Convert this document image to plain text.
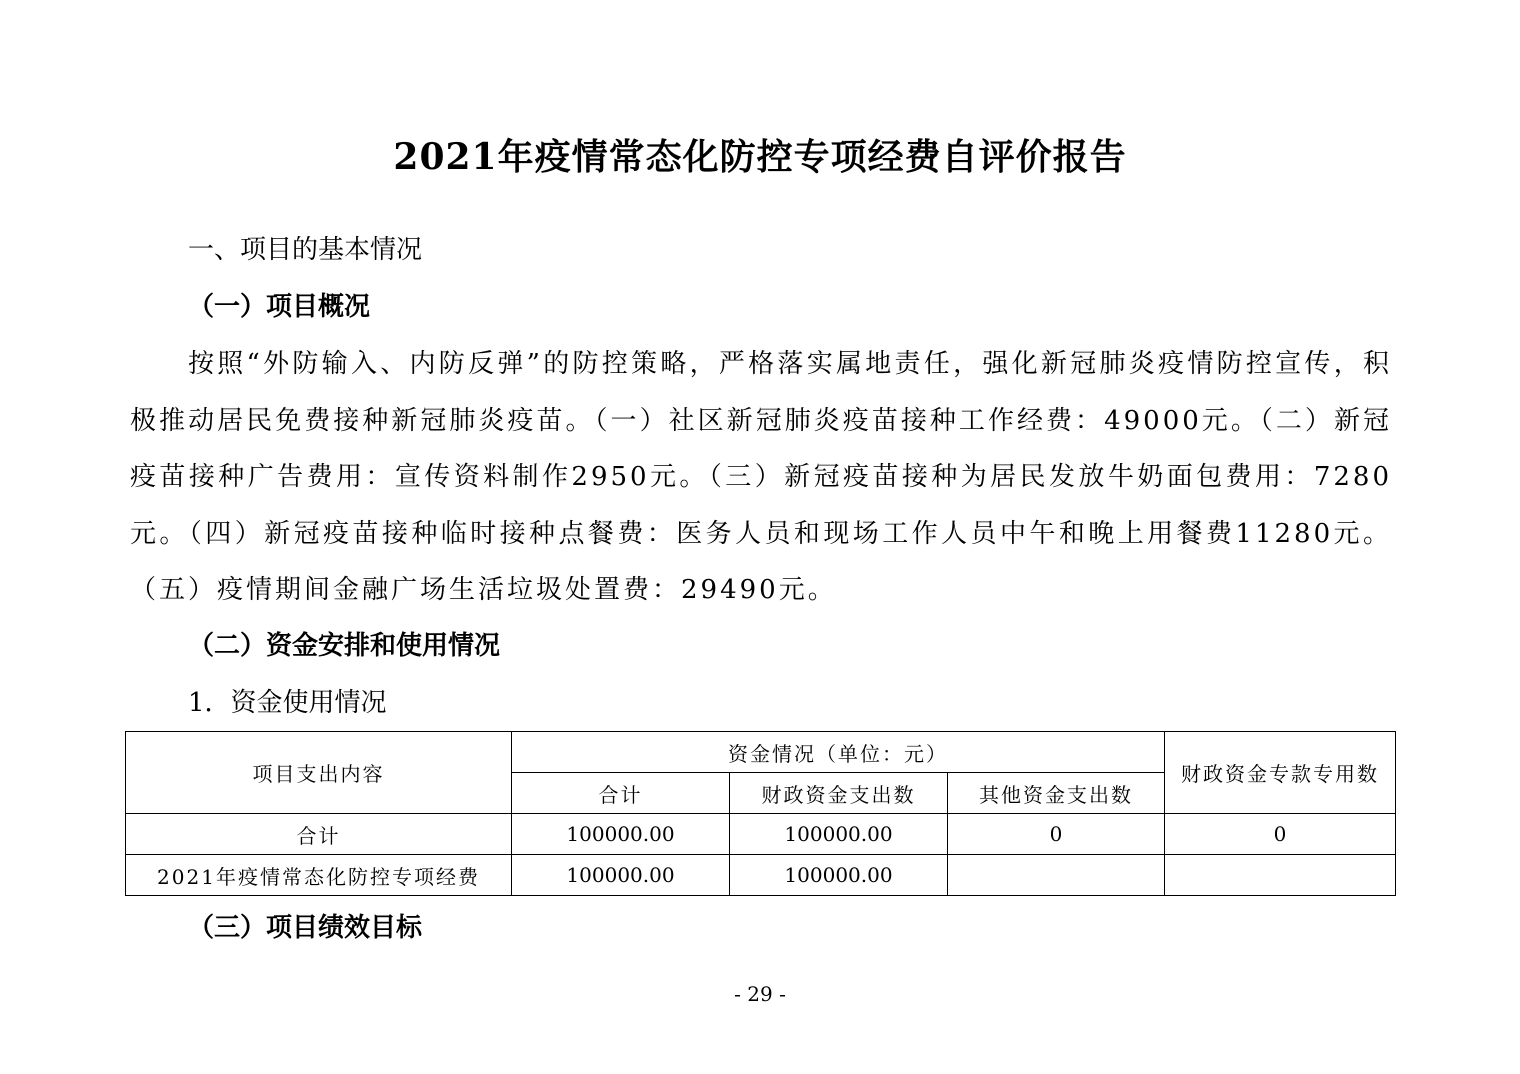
2021年疫情常态化防控专项经费自评价报告
一、项目的基本情况
（一）项目概况
按照“外防输入、内防反弹”的防控策略，严格落实属地责任，强化新冠肺炎疫情防控宣传，积极推动居民免费接种新冠肺炎疫苗。（一）社区新冠肺炎疫苗接种工作经费：49000元。（二）新冠疫苗接种广告费用：宣传资料制作2950元。（三）新冠疫苗接种为居民发放牛奶面包费用：7280元。（四）新冠疫苗接种临时接种点餐费：医务人员和现场工作人员中午和晚上用餐费11280元。（五）疫情期间金融广场生活垃圾处置费：29490元。
（二）资金安排和使用情况
1．资金使用情况
项目支出内容	资金情况（单位：元）			财政资金专款专用数
	合计	财政资金支出数	其他资金支出数	
合计	100000.00	100000.00	0	0
2021年疫情常态化防控专项经费	100000.00	100000.00		
（三）项目绩效目标
- 29 -
